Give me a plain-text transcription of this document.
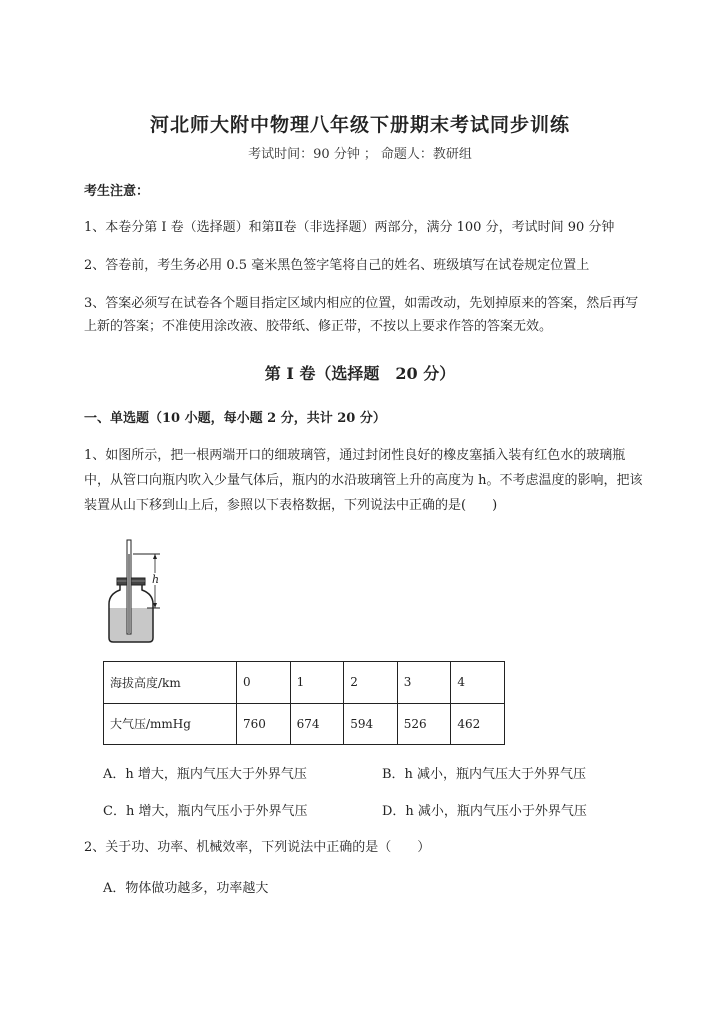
河北师大附中物理八年级下册期末考试同步训练
考试时间：90 分钟 ； 命题人：教研组
考生注意：
1、本卷分第 I 卷（选择题）和第Ⅱ卷（非选择题）两部分，满分 100 分，考试时间 90 分钟
2、答卷前，考生务必用 0.5 毫米黑色签字笔将自己的姓名、班级填写在试卷规定位置上
3、答案必须写在试卷各个题目指定区域内相应的位置，如需改动，先划掉原来的答案，然后再写上新的答案；不准使用涂改液、胶带纸、修正带，不按以上要求作答的答案无效。
第 I 卷（选择题　20 分）
一、单选题（10 小题，每小题 2 分，共计 20 分）
1、如图所示，把一根两端开口的细玻璃管，通过封闭性良好的橡皮塞插入装有红色水的玻璃瓶中，从管口向瓶内吹入少量气体后，瓶内的水沿玻璃管上升的高度为 h。不考虑温度的影响，把该装置从山下移到山上后，参照以下表格数据，下列说法中正确的是(　　)
h
海拔高度/km	0	1	2	3	4
大气压/mmHg	760	674	594	526	462
A．h 增大，瓶内气压大于外界气压	B．h 减小，瓶内气压大于外界气压
C．h 增大，瓶内气压小于外界气压	D．h 减小，瓶内气压小于外界气压
2、关于功、功率、机械效率，下列说法中正确的是（　　）
A．物体做功越多，功率越大
